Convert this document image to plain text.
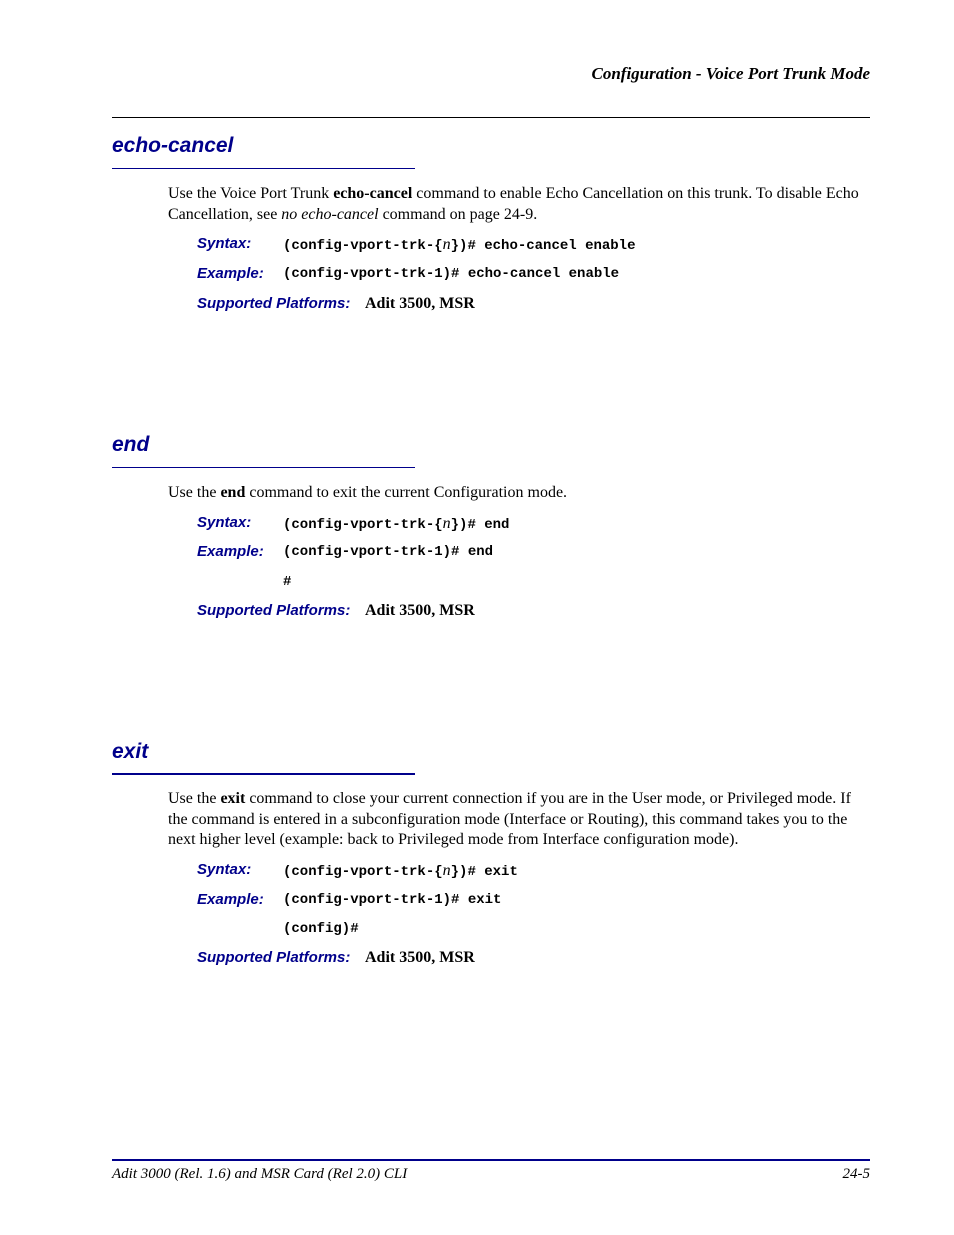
Configuration - Voice Port Trunk Mode
echo-cancel
Use the Voice Port Trunk echo-cancel command to enable Echo Cancellation on this trunk. To disable Echo Cancellation, see no echo-cancel command on page 24-9.
Syntax: (config-vport-trk-{n})# echo-cancel enable
Example: (config-vport-trk-1)# echo-cancel enable
Supported Platforms: Adit 3500, MSR
end
Use the end command to exit the current Configuration mode.
Syntax: (config-vport-trk-{n})# end
Example: (config-vport-trk-1)# end
#
Supported Platforms: Adit 3500, MSR
exit
Use the exit command to close your current connection if you are in the User mode, or Privileged mode. If the command is entered in a subconfiguration mode (Interface or Routing), this command takes you to the next higher level (example: back to Privileged mode from Interface configuration mode).
Syntax: (config-vport-trk-{n})# exit
Example: (config-vport-trk-1)# exit
(config)#
Supported Platforms: Adit 3500, MSR
Adit 3000 (Rel. 1.6) and MSR Card (Rel 2.0) CLI	24-5
